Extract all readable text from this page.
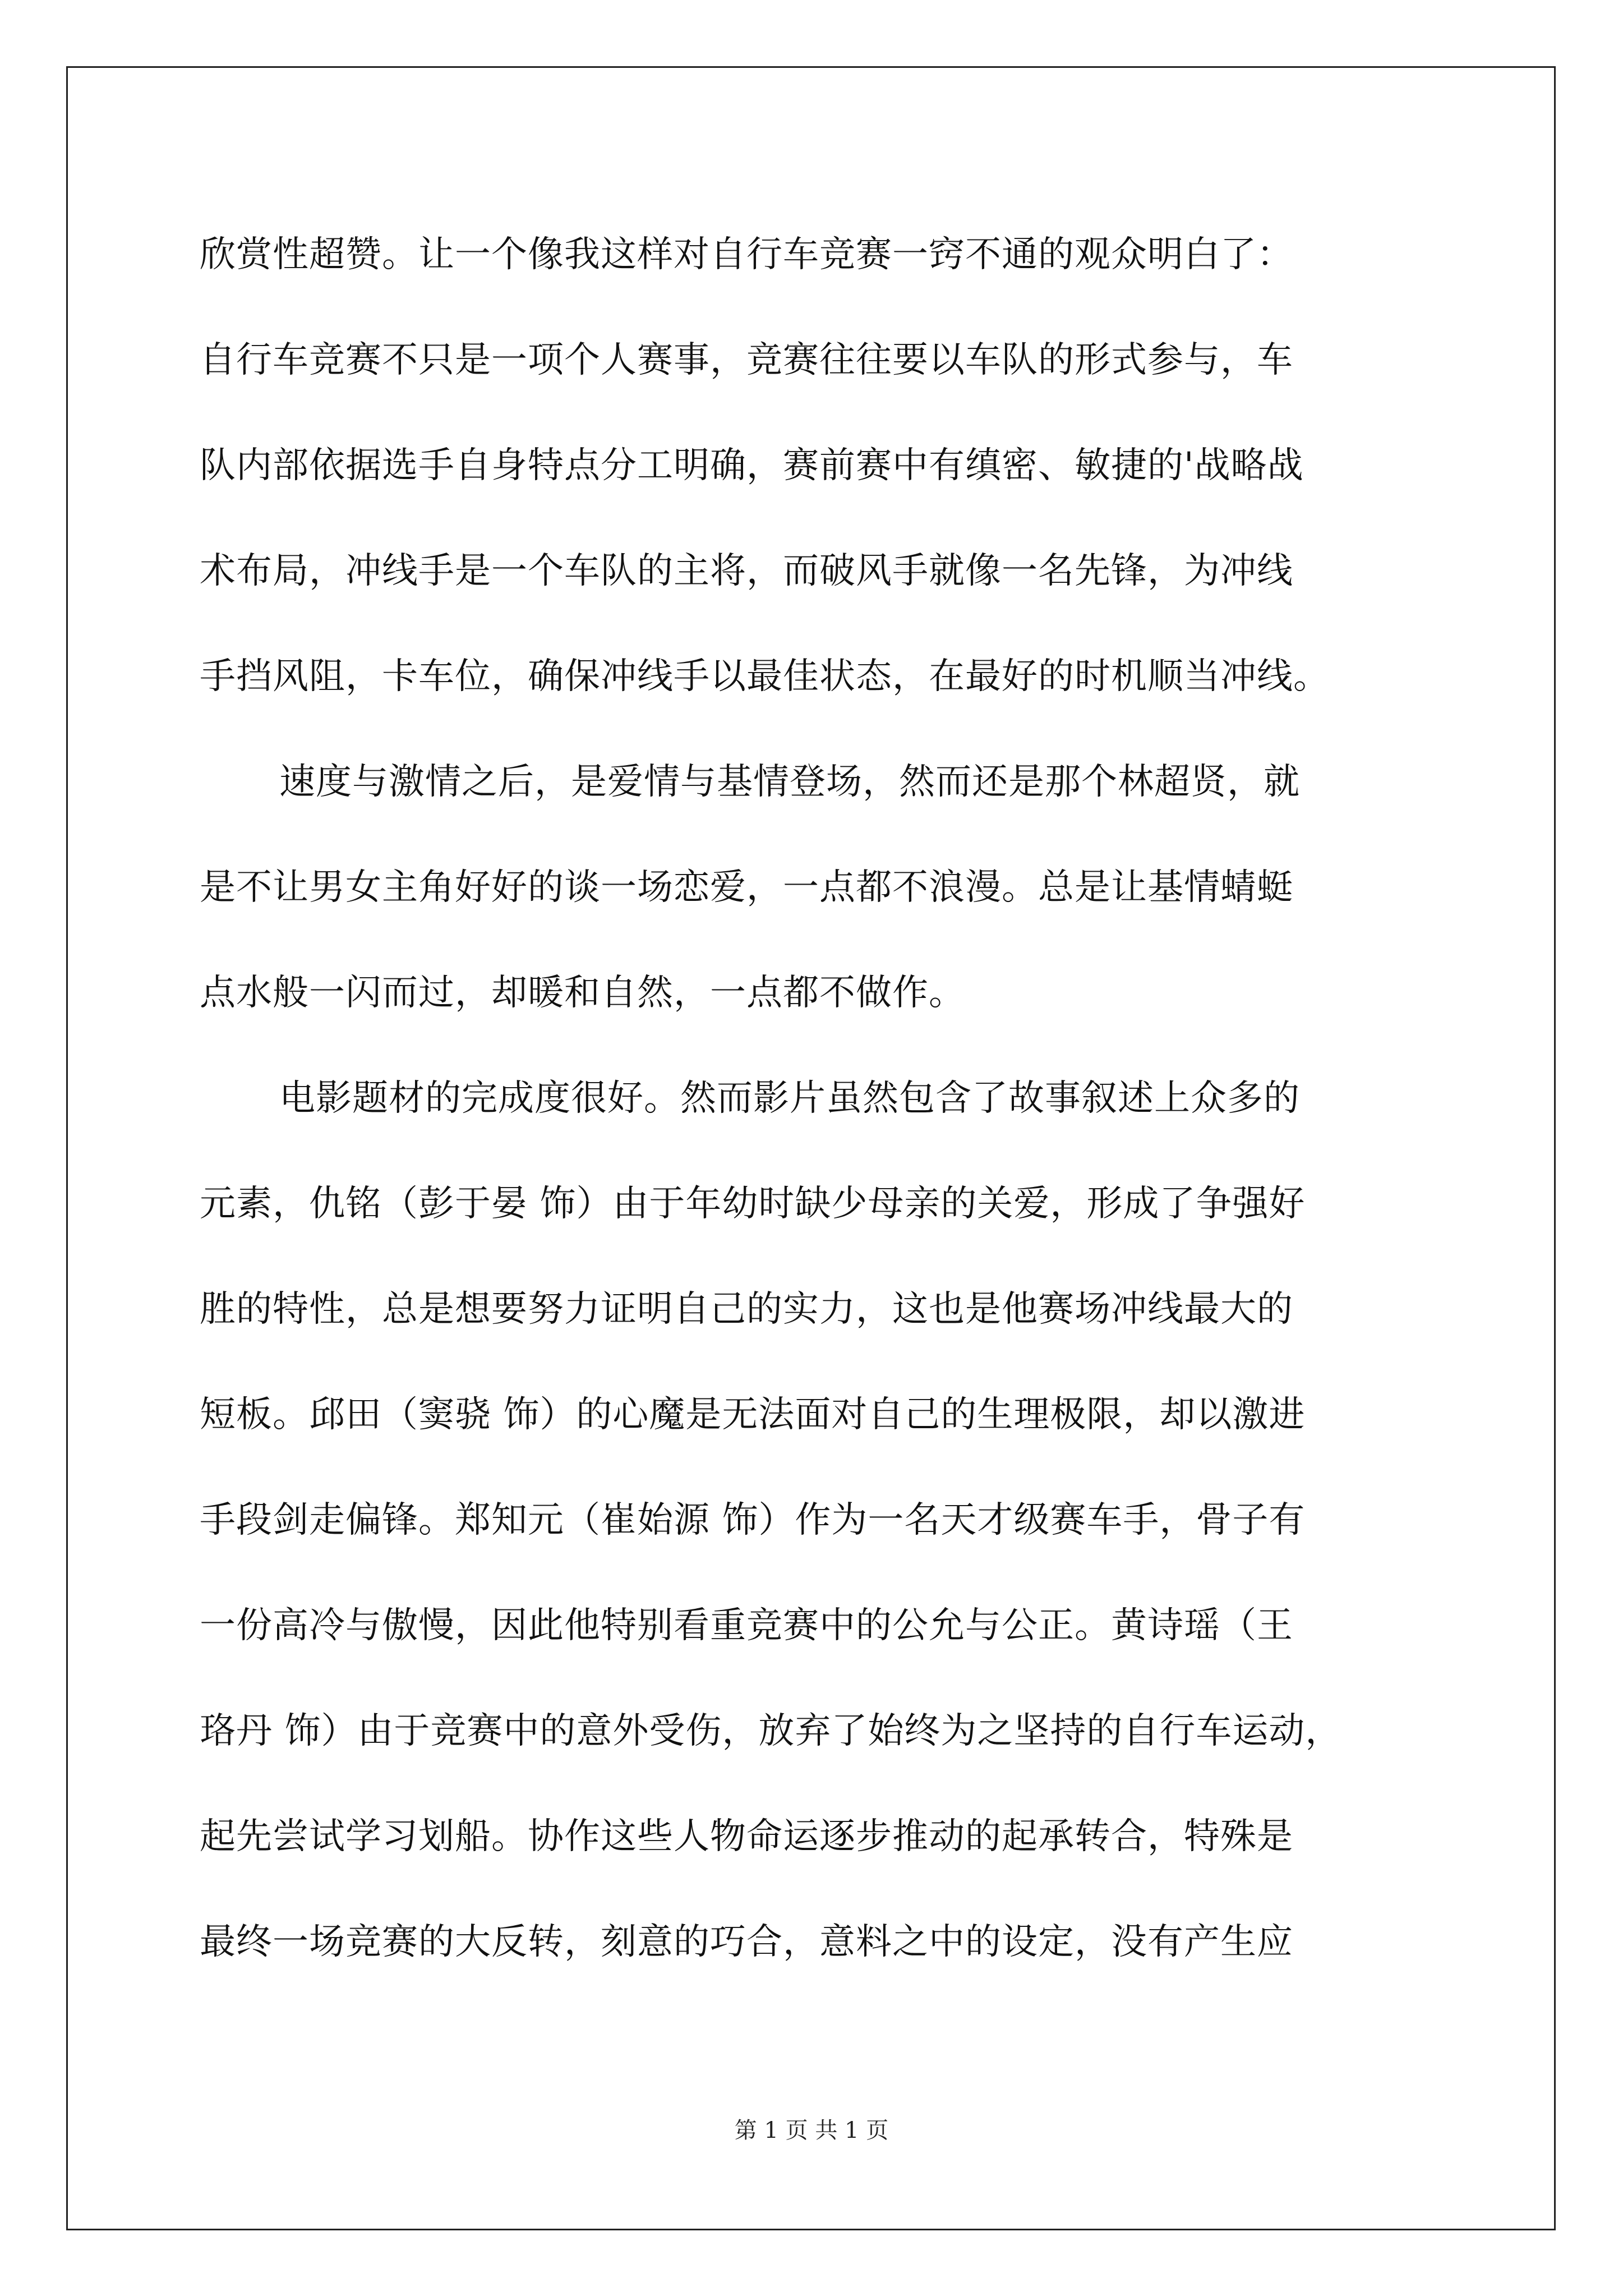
欣赏性超赞。让一个像我这样对自行车竞赛一窍不通的观众明白了：
自行车竞赛不只是一项个人赛事，竞赛往往要以车队的形式参与，车
队内部依据选手自身特点分工明确，赛前赛中有缜密、敏捷的'战略战
术布局，冲线手是一个车队的主将，而破风手就像一名先锋，为冲线
手挡风阻，卡车位，确保冲线手以最佳状态，在最好的时机顺当冲线。
速度与激情之后，是爱情与基情登场，然而还是那个林超贤，就
是不让男女主角好好的谈一场恋爱，一点都不浪漫。总是让基情蜻蜓
点水般一闪而过，却暖和自然，一点都不做作。
电影题材的完成度很好。然而影片虽然包含了故事叙述上众多的
元素，仇铭（彭于晏 饰）由于年幼时缺少母亲的关爱，形成了争强好
胜的特性，总是想要努力证明自己的实力，这也是他赛场冲线最大的
短板。邱田（窦骁 饰）的心魔是无法面对自己的生理极限，却以激进
手段剑走偏锋。郑知元（崔始源 饰）作为一名天才级赛车手，骨子有
一份高冷与傲慢，因此他特别看重竞赛中的公允与公正。黄诗瑶（王
珞丹 饰）由于竞赛中的意外受伤，放弃了始终为之坚持的自行车运动，
起先尝试学习划船。协作这些人物命运逐步推动的起承转合，特殊是
最终一场竞赛的大反转，刻意的巧合，意料之中的设定，没有产生应
第 1 页 共 1 页
